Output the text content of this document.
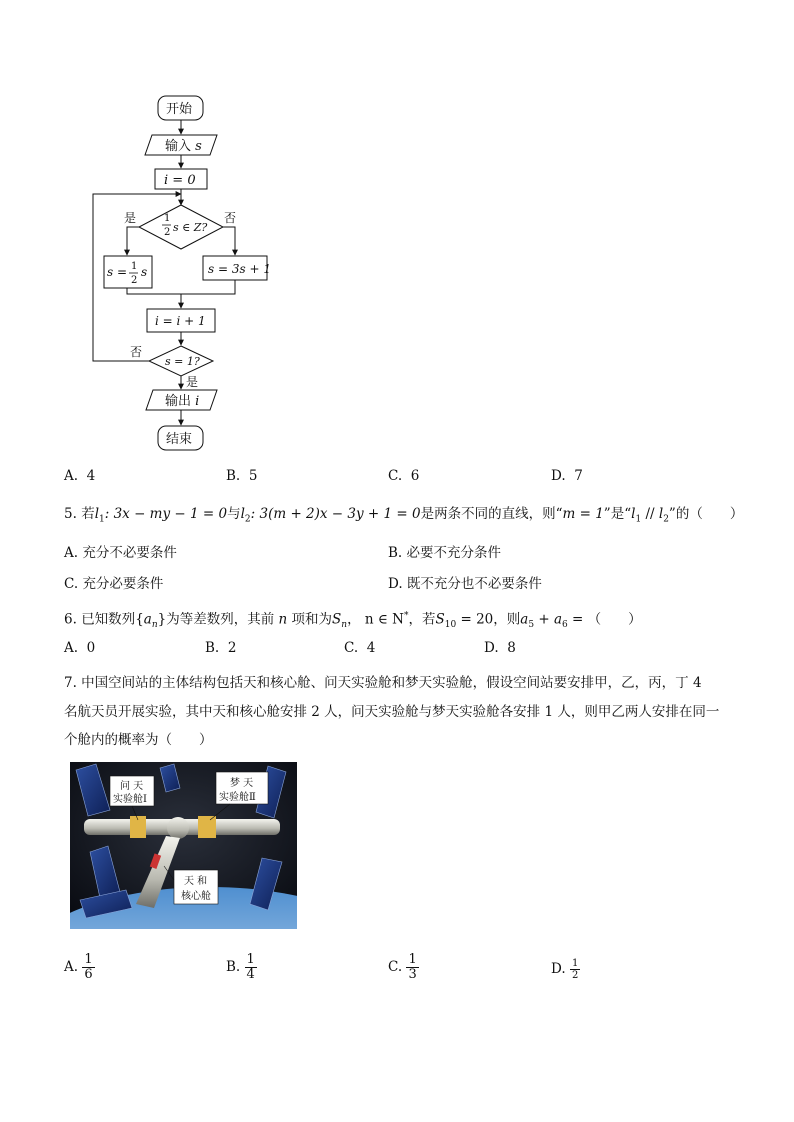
开始
输入 s
i = 0
1
2 s ∈ Z?
是	否
s = 1
2
s	s = 3s + 1
i = i + 1
s = 1?
否
是
输出 i
结束
A. 4	B. 5	C. 6	D. 7
5. 若$l_1$: 3x − my − 1 = 0与$l_2$: 3(m + 2)x − 3y + 1 = 0是两条不同的直线，则“m = 1”是“$l_1 // l_2$”的（　　）
A. 充分不必要条件	B. 必要不充分条件
C. 充分必要条件	D. 既不充分也不必要条件
6. 已知数列$\{a_n\}$为等差数列，其前 n 项和为$S_n$， n ∈ N*，若$S_{10} = 20$，则$a_5 + a_6$ = （　　）
A. 0	B. 2	C. 4	D. 8
7. 中国空间站的主体结构包括天和核心舱、问天实验舱和梦天实验舱，假设空间站要安排甲，乙，丙，丁 4
名航天员开展实验，其中天和核心舱安排 2 人，问天实验舱与梦天实验舱各安排 1 人，则甲乙两人安排在同一
个舱内的概率为（　　）
问 天
实验舱Ⅰ
梦 天
实验舱Ⅱ
天 和
核心舱
A. $\frac{1}{6}$	B. $\frac{1}{4}$	C. $\frac{1}{3}$	D. $\frac{1}{2}$
